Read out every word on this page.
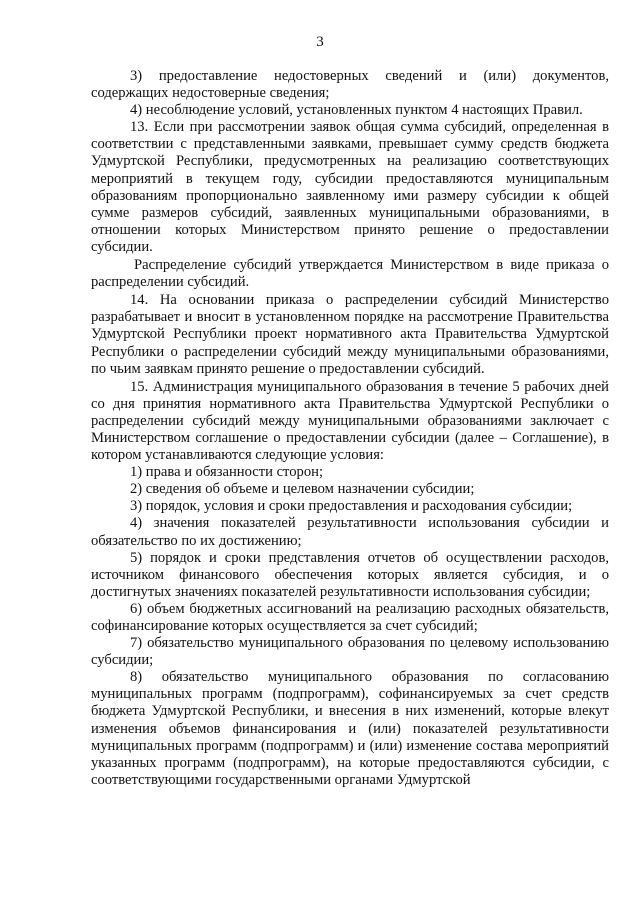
3

3) предоставление недостоверных сведений и (или) документов, содержащих недостоверные сведения;

4) несоблюдение условий, установленных пунктом 4 настоящих Правил.

13. Если при рассмотрении заявок общая сумма субсидий, определенная в соответствии с представленными заявками, превышает сумму средств бюджета Удмуртской Республики, предусмотренных на реализацию соответствующих мероприятий в текущем году, субсидии предоставляются муниципальным образованиям пропорционально заявленному ими размеру субсидии к общей сумме размеров субсидий, заявленных муниципальными образованиями, в отношении которых Министерством принято решение о предоставлении субсидии.

Распределение субсидий утверждается Министерством в виде приказа о распределении субсидий.

14. На основании приказа о распределении субсидий Министерство разрабатывает и вносит в установленном порядке на рассмотрение Правительства Удмуртской Республики проект нормативного акта Правительства Удмуртской Республики о распределении субсидий между муниципальными образованиями, по чьим заявкам принято решение о предоставлении субсидий.

15. Администрация муниципального образования в течение 5 рабочих дней со дня принятия нормативного акта Правительства Удмуртской Республики о распределении субсидий между муниципальными образованиями заключает с Министерством соглашение о предоставлении субсидии (далее – Соглашение), в котором устанавливаются следующие условия:

1) права и обязанности сторон;

2) сведения об объеме и целевом назначении субсидии;

3) порядок, условия и сроки предоставления и расходования субсидии;

4) значения показателей результативности использования субсидии и обязательство по их достижению;

5) порядок и сроки представления отчетов об осуществлении расходов, источником финансового обеспечения которых является субсидия, и о достигнутых значениях показателей результативности использования субсидии;

6) объем бюджетных ассигнований на реализацию расходных обязательств, софинансирование которых осуществляется за счет субсидий;

7) обязательство муниципального образования по целевому использованию субсидии;

8) обязательство муниципального образования по согласованию муниципальных программ (подпрограмм), софинансируемых за счет средств бюджета Удмуртской Республики, и внесения в них изменений, которые влекут изменения объемов финансирования и (или) показателей результативности муниципальных программ (подпрограмм) и (или) изменение состава мероприятий указанных программ (подпрограмм), на которые предоставляются субсидии, с соответствующими государственными органами Удмуртской
